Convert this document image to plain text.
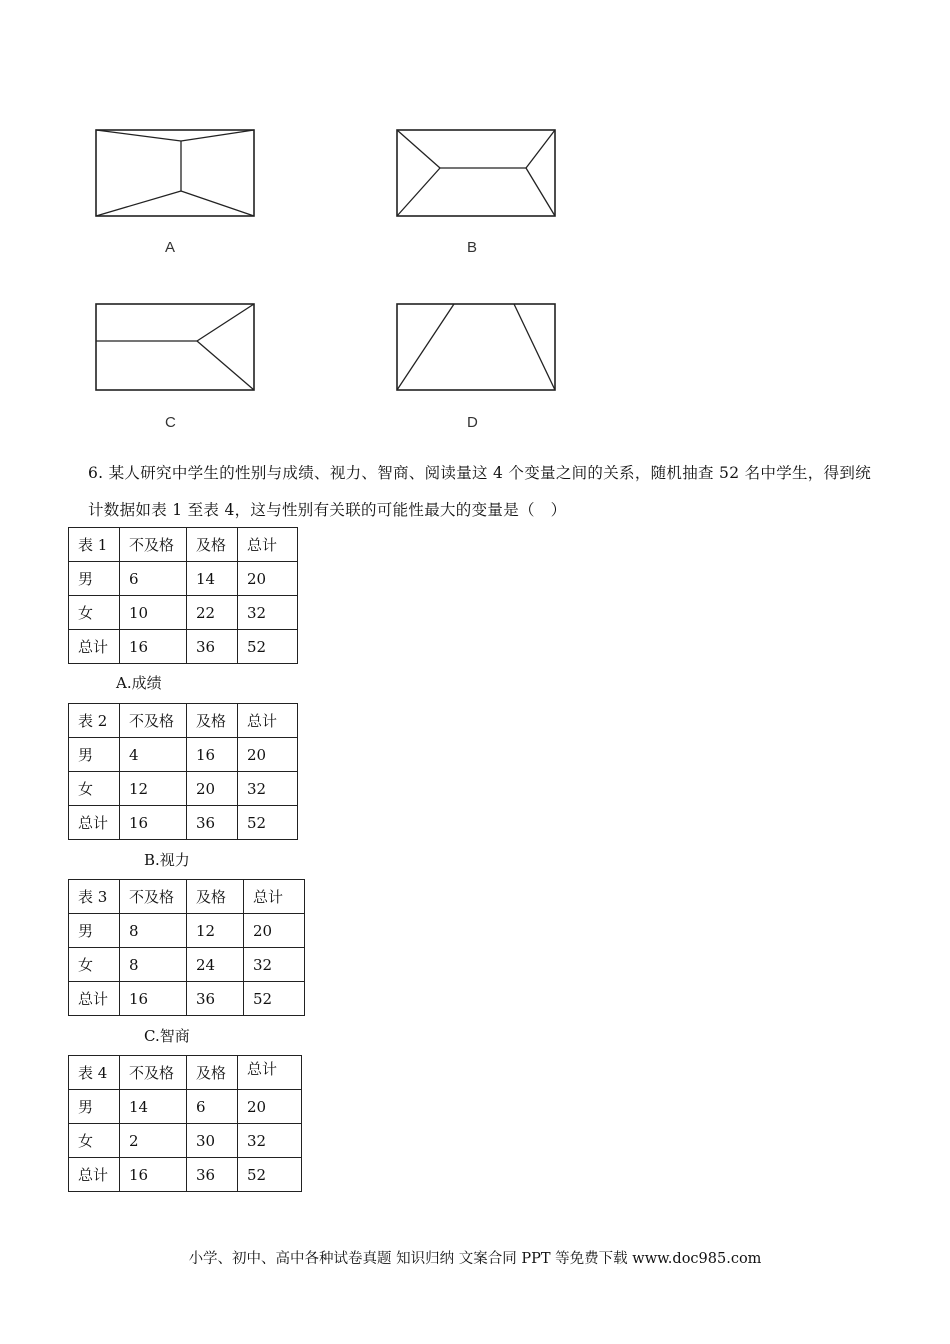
A	B
C	D
6. 某人研究中学生的性别与成绩、视力、智商、阅读量这 4 个变量之间的关系，随机抽查 52 名中学生，得到统计数据如表 1 至表 4，这与性别有关联的可能性最大的变量是（　）
表 1	不及格	及格	总计
男	6	14	20
女	10	22	32
总计	16	36	52
A.成绩
表 2	不及格	及格	总计
男	4	16	20
女	12	20	32
总计	16	36	52
B.视力
表 3	不及格	及格	总计
男	8	12	20
女	8	24	32
总计	16	36	52
C.智商
表 4	不及格	及格	总计
男	14	6	20
女	2	30	32
总计	16	36	52
小学、初中、高中各种试卷真题 知识归纳 文案合同 PPT 等免费下载 www.doc985.com
